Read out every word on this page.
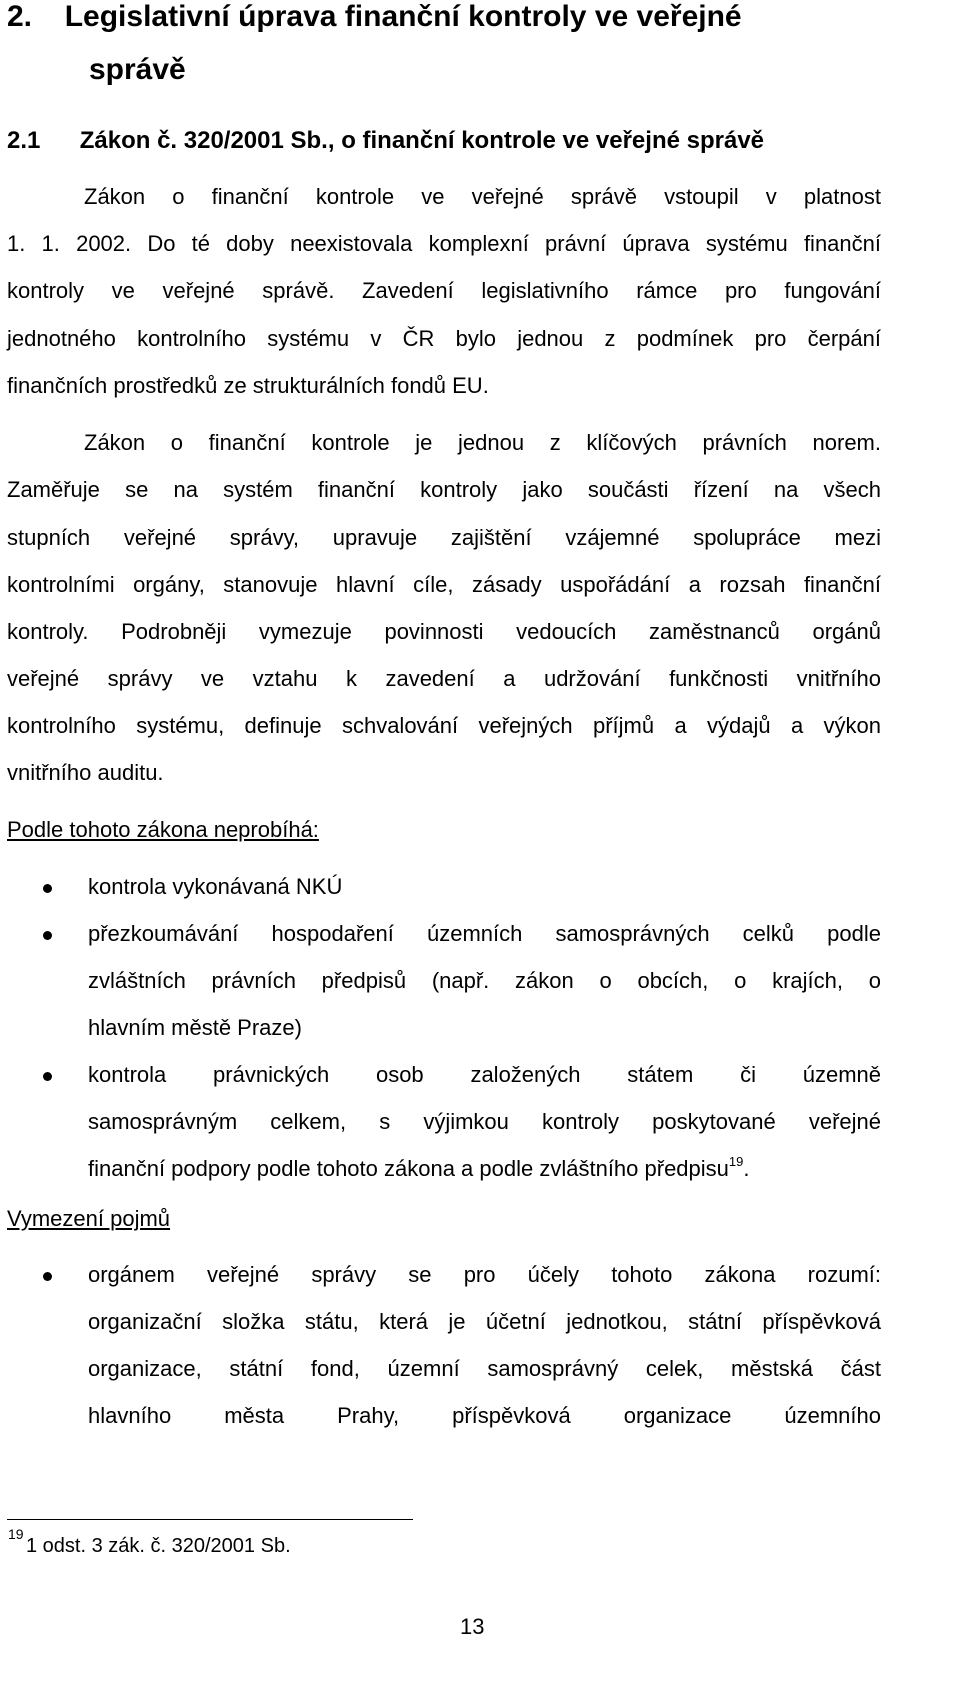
2. Legislativní úprava finanční kontroly ve veřejné
správě
2.1 Zákon č. 320/2001 Sb., o finanční kontrole ve veřejné správě
Zákon o finanční kontrole ve veřejné správě vstoupil v platnost
1. 1. 2002. Do té doby neexistovala komplexní právní úprava systému finanční
kontroly ve veřejné správě. Zavedení legislativního rámce pro fungování
jednotného kontrolního systému v ČR bylo jednou z podmínek pro čerpání
finančních prostředků ze strukturálních fondů EU.
Zákon o finanční kontrole je jednou z klíčových právních norem.
Zaměřuje se na systém finanční kontroly jako součásti řízení na všech
stupních veřejné správy, upravuje zajištění vzájemné spolupráce mezi
kontrolními orgány, stanovuje hlavní cíle, zásady uspořádání a rozsah finanční
kontroly. Podrobněji vymezuje povinnosti vedoucích zaměstnanců orgánů
veřejné správy ve vztahu k zavedení a udržování funkčnosti vnitřního
kontrolního systému, definuje schvalování veřejných příjmů a výdajů a výkon
vnitřního auditu.
Podle tohoto zákona neprobíhá:
kontrola vykonávaná NKÚ
přezkoumávání hospodaření územních samosprávných celků podle
zvláštních právních předpisů (např. zákon o obcích, o krajích, o
hlavním městě Praze)
kontrola právnických osob založených státem či územně
samosprávným celkem, s výjimkou kontroly poskytované veřejné
finanční podpory podle tohoto zákona a podle zvláštního předpisu$^{19}$.
Vymezení pojmů
orgánem veřejné správy se pro účely tohoto zákona rozumí:
organizační složka státu, která je účetní jednotkou, státní příspěvková
organizace, státní fond, územní samosprávný celek, městská část
hlavního města Prahy, příspěvková organizace územního
19
1 odst. 3 zák. č. 320/2001 Sb.
13
